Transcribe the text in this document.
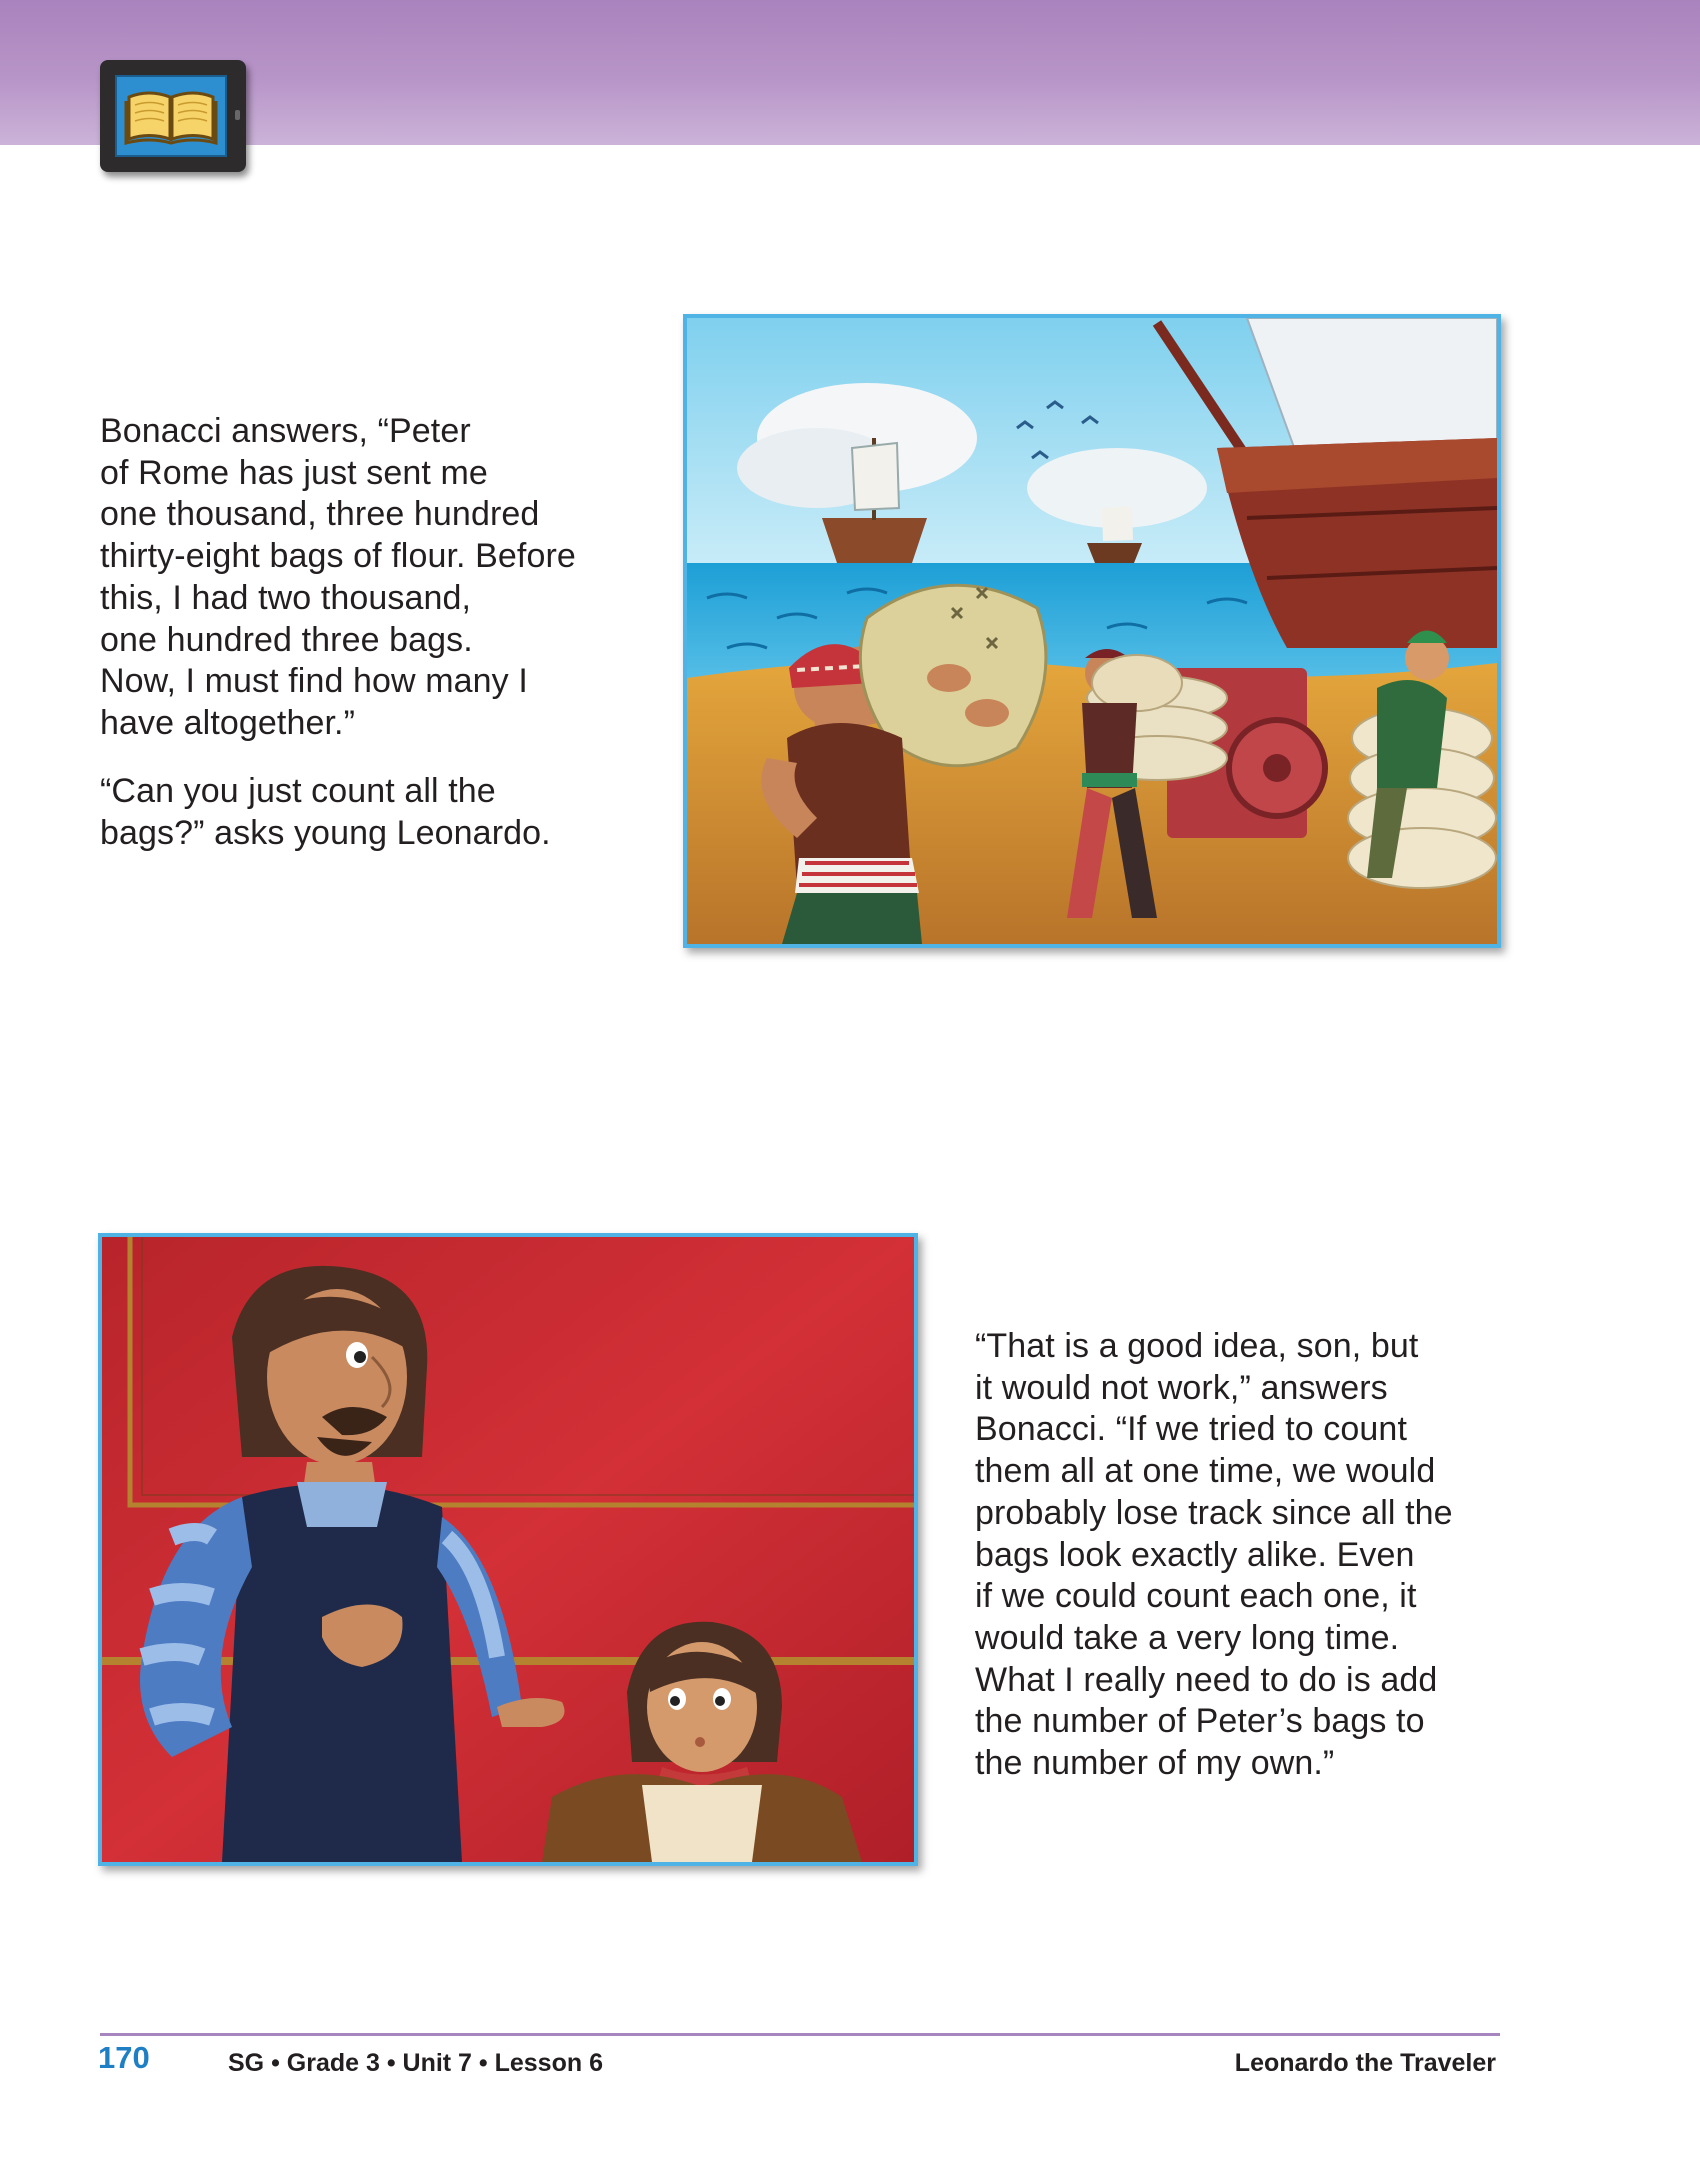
Bonacci answers, “Peter
of Rome has just sent me
one thousand, three hundred
thirty-eight bags of flour. Before
this, I had two thousand,
one hundred three bags.
Now, I must find how many I
have altogether.”

“Can you just count all the
bags?” asks young Leonardo.

“That is a good idea, son, but
it would not work,” answers
Bonacci. “If we tried to count
them all at one time, we would
probably lose track since all the
bags look exactly alike. Even
if we could count each one, it
would take a very long time.
What I really need to do is add
the number of Peter’s bags to
the number of my own.”

170	SG • Grade 3 • Unit 7 • Lesson 6	Leonardo the Traveler
